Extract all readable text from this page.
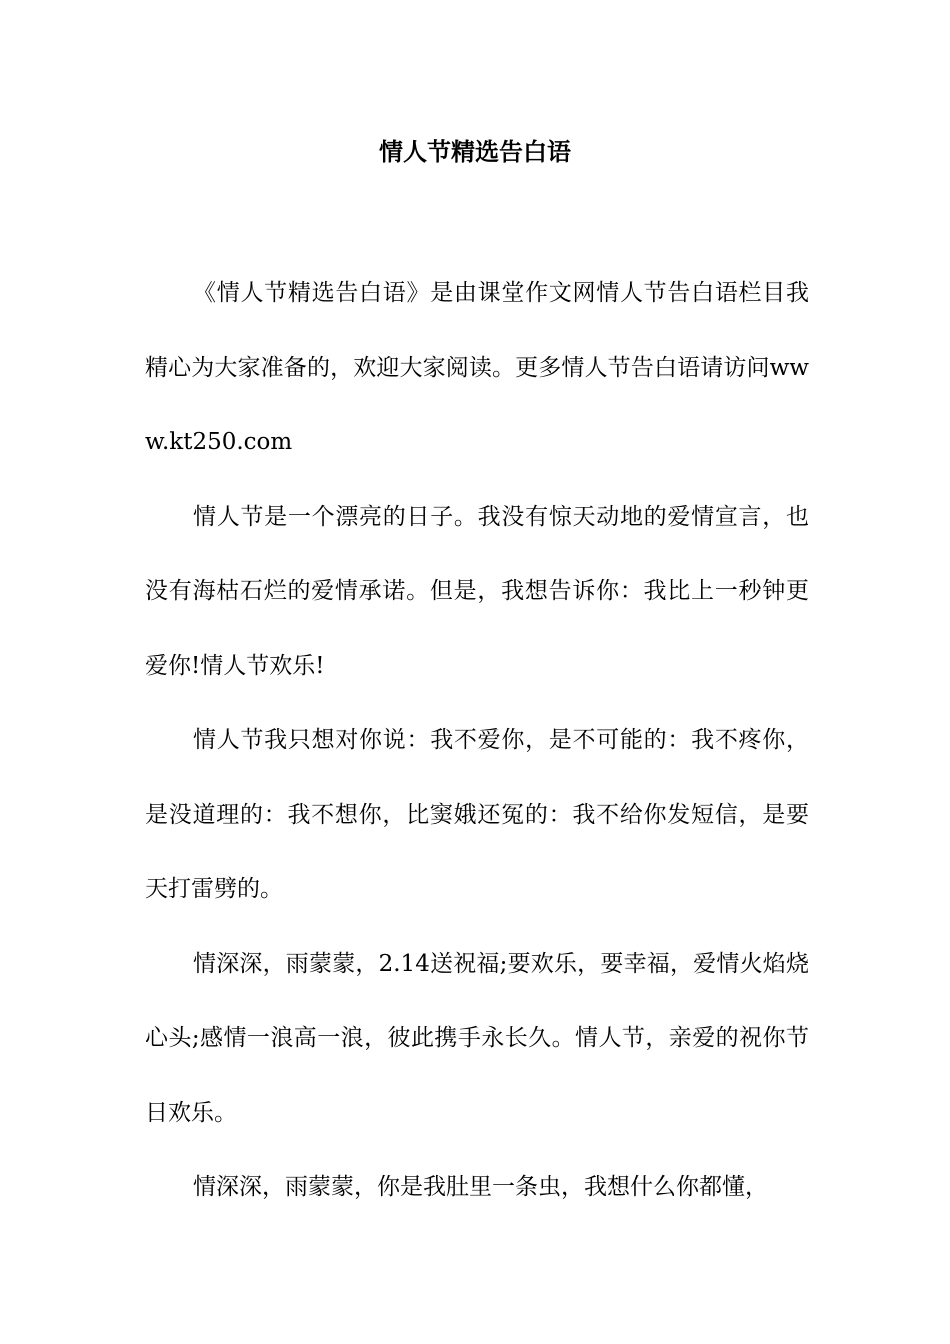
情人节精选告白语

《情人节精选告白语》是由课堂作文网情人节告白语栏目我精心为大家准备的，欢迎大家阅读。更多情人节告白语请访问www.kt250.com

情人节是一个漂亮的日子。我没有惊天动地的爱情宣言，也没有海枯石烂的爱情承诺。但是，我想告诉你：我比上一秒钟更爱你!情人节欢乐!

情人节我只想对你说：我不爱你，是不可能的：我不疼你，是没道理的：我不想你，比窦娥还冤的：我不给你发短信，是要天打雷劈的。

情深深，雨蒙蒙，2.14送祝福;要欢乐，要幸福，爱情火焰烧心头;感情一浪高一浪，彼此携手永长久。情人节，亲爱的祝你节日欢乐。

情深深，雨蒙蒙，你是我肚里一条虫，我想什么你都懂，
